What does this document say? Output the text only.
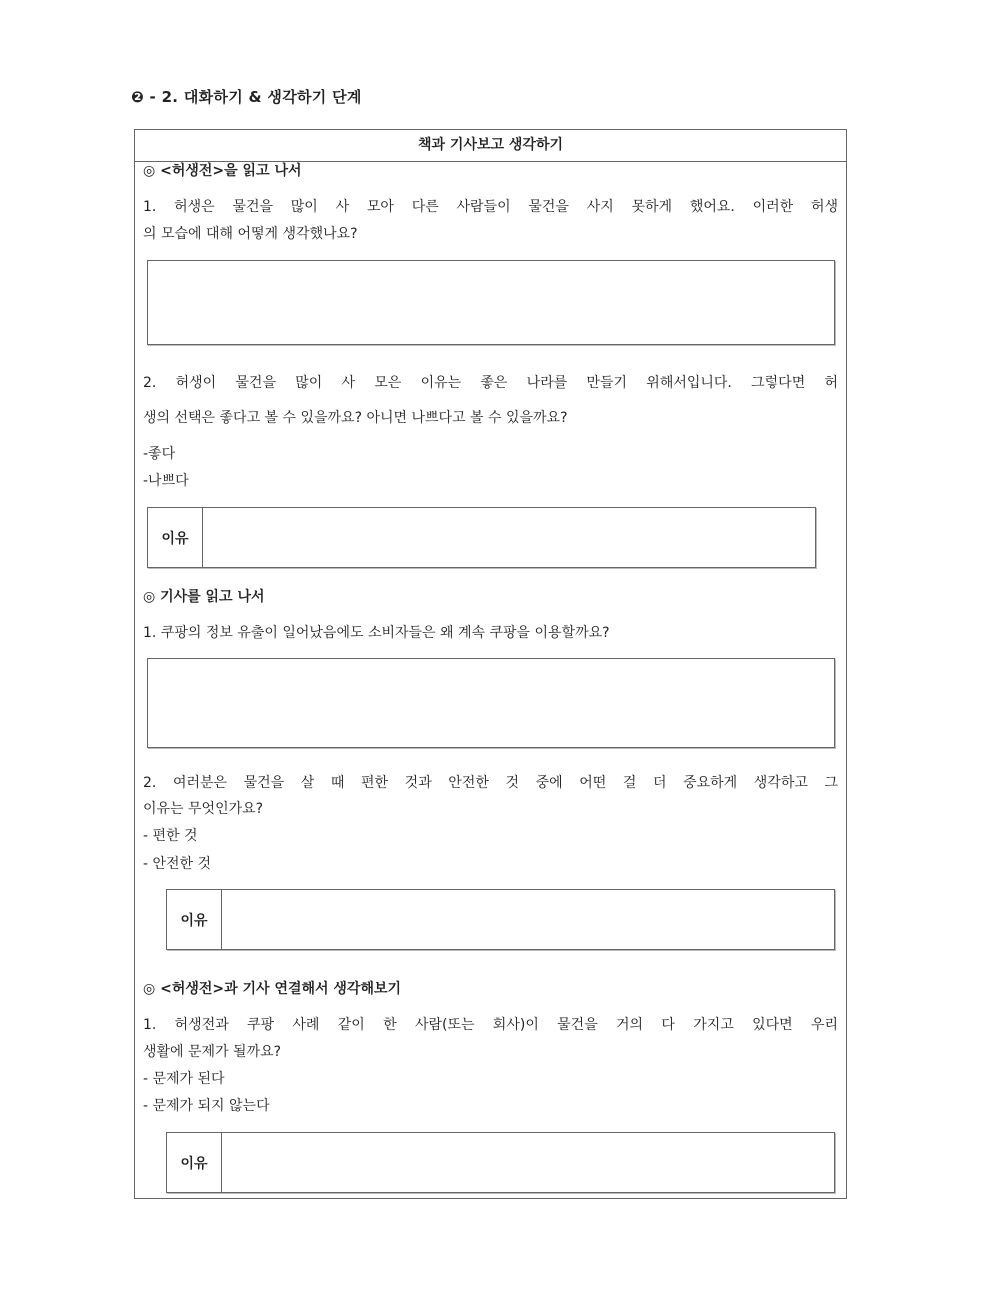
❷ - 2. 대화하기 & 생각하기 단계
책과 기사보고 생각하기
◎ <허생전>을 읽고 나서
1. 허생은 물건을 많이 사 모아 다른 사람들이 물건을 사지 못하게 했어요. 이러한 허생
의 모습에 대해 어떻게 생각했나요?
2. 허생이 물건을 많이 사 모은 이유는 좋은 나라를 만들기 위해서입니다. 그렇다면 허
생의 선택은 좋다고 볼 수 있을까요? 아니면 나쁘다고 볼 수 있을까요?
-좋다
-나쁘다
이유
◎ 기사를 읽고 나서
1. 쿠팡의 정보 유출이 일어났음에도 소비자들은 왜 계속 쿠팡을 이용할까요?
2. 여러분은 물건을 살 때 편한 것과 안전한 것 중에 어떤 걸 더 중요하게 생각하고 그
이유는 무엇인가요?
- 편한 것
- 안전한 것
이유
◎ <허생전>과 기사 연결해서 생각해보기
1. 허생전과 쿠팡 사례 같이 한 사람(또는 회사)이 물건을 거의 다 가지고 있다면 우리
생활에 문제가 될까요?
- 문제가 된다
- 문제가 되지 않는다
이유
